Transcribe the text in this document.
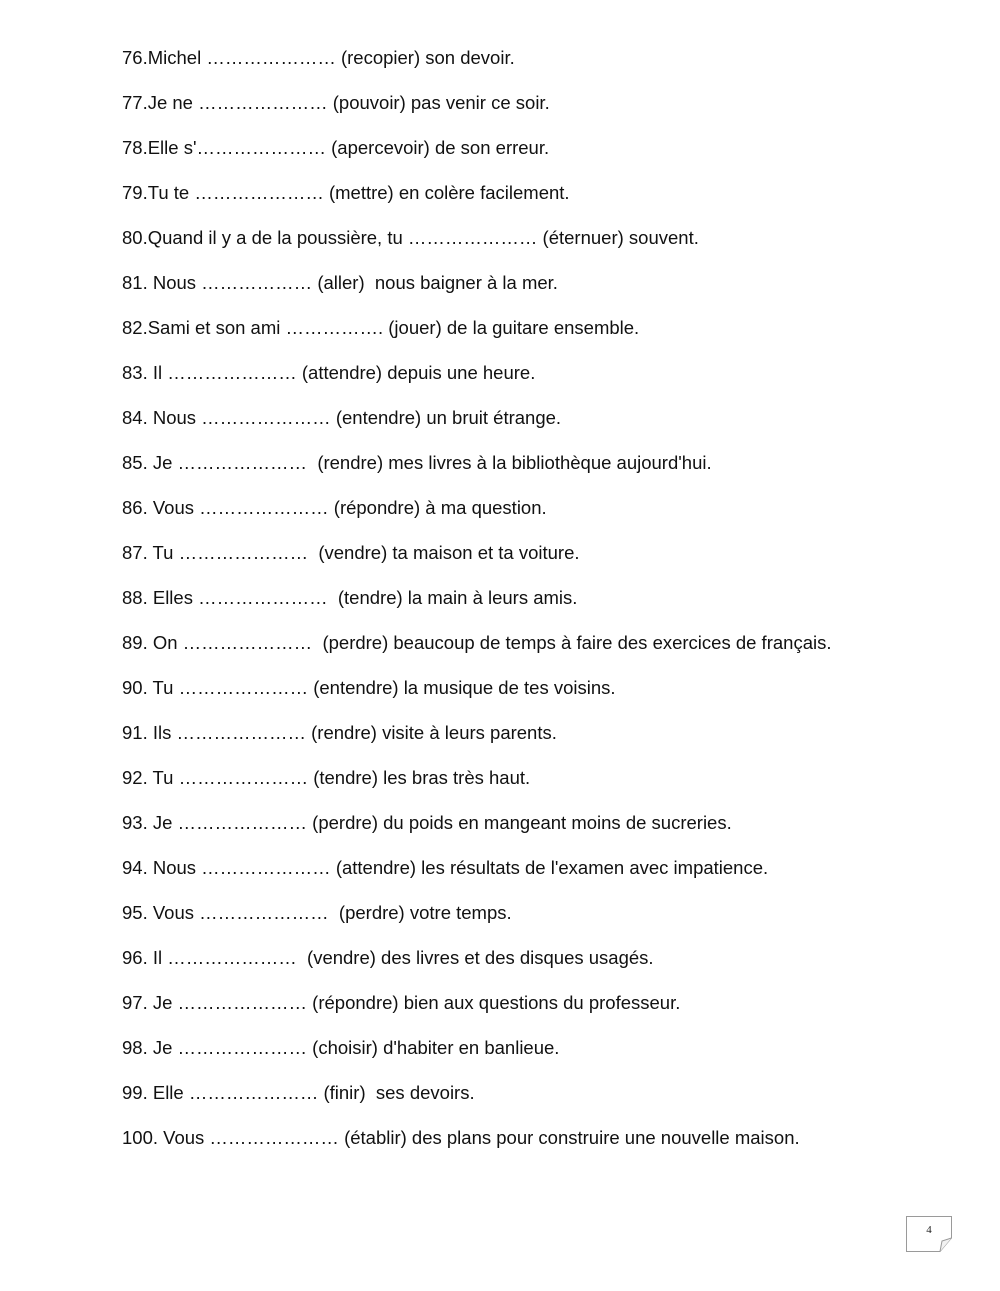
76.Michel ………………… (recopier) son devoir.
77.Je ne ………………… (pouvoir) pas venir ce soir.
78.Elle s'………………… (apercevoir) de son erreur.
79.Tu te ………………… (mettre) en colère facilement.
80.Quand il y a de la poussière, tu ………………… (éternuer) souvent.
81. Nous ……………… (aller)  nous baigner à la mer.
82.Sami et son ami ……………. (jouer) de la guitare ensemble.
83. Il ………………… (attendre) depuis une heure.
84. Nous ………………… (entendre) un bruit étrange.
85. Je …………………  (rendre) mes livres à la bibliothèque aujourd'hui.
86. Vous ………………… (répondre) à ma question.
87. Tu …………………  (vendre) ta maison et ta voiture.
88. Elles …………………  (tendre) la main à leurs amis.
89. On …………………  (perdre) beaucoup de temps à faire des exercices de français.
90. Tu ………………… (entendre) la musique de tes voisins.
91. Ils ………………… (rendre) visite à leurs parents.
92. Tu ………………… (tendre) les bras très haut.
93. Je ………………… (perdre) du poids en mangeant moins de sucreries.
94. Nous ………………… (attendre) les résultats de l'examen avec impatience.
95. Vous …………………  (perdre) votre temps.
96. Il …………………  (vendre) des livres et des disques usagés.
97. Je ………………… (répondre) bien aux questions du professeur.
98. Je ………………… (choisir) d'habiter en banlieue.
99. Elle ………………… (finir)  ses devoirs.
100. Vous ………………… (établir) des plans pour construire une nouvelle maison.
4
